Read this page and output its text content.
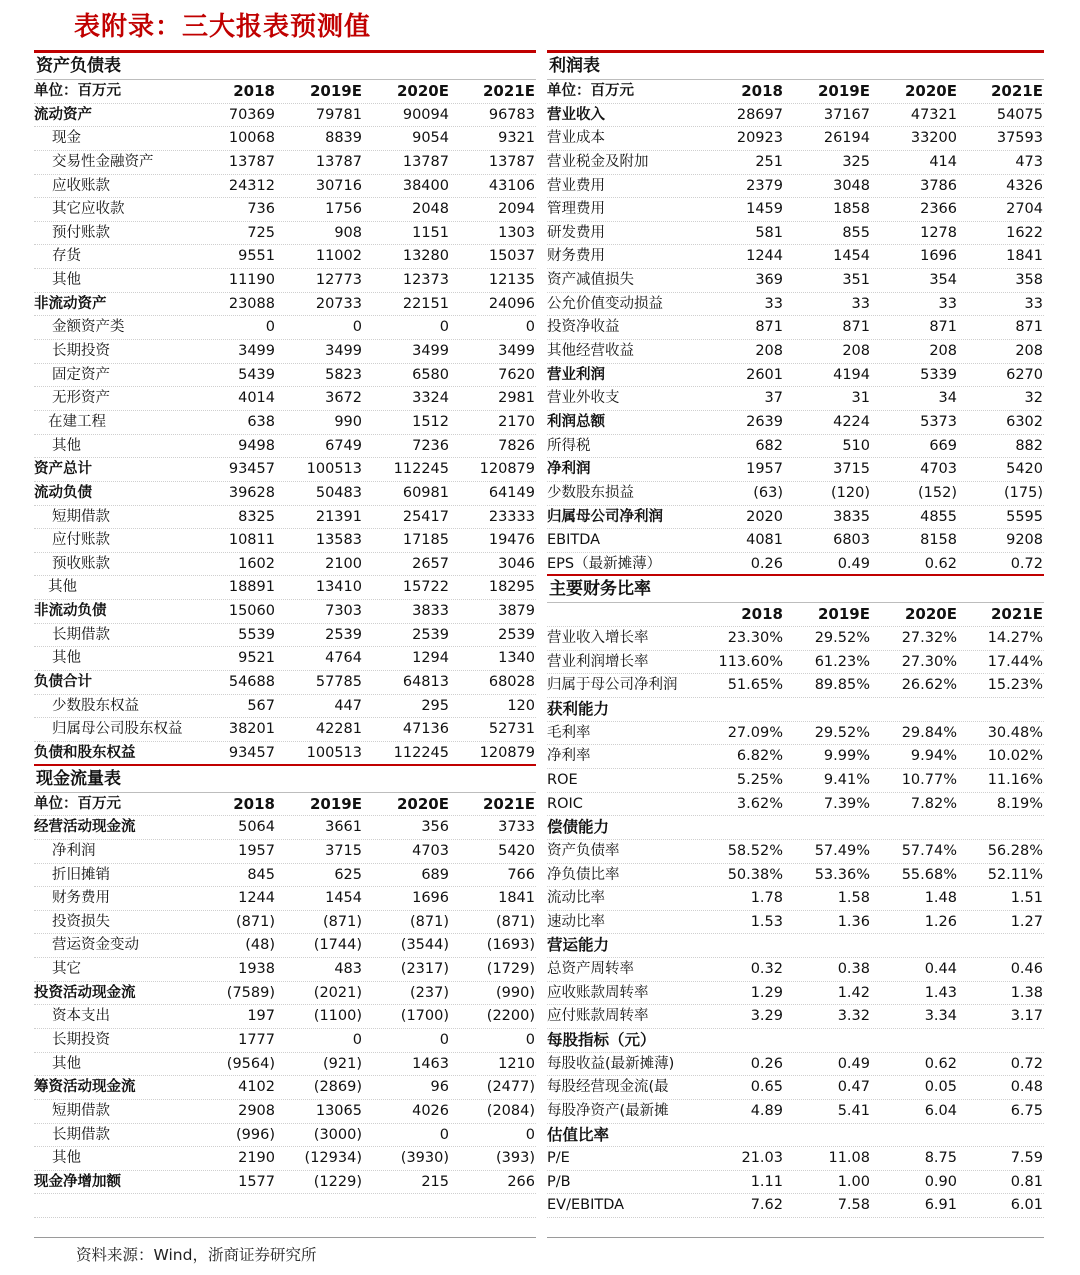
表附录：三大报表预测值
资产负债表
单位：百万元	2018	2019E	2020E	2021E
流动资产	70369	79781	90094	96783
现金	10068	8839	9054	9321
交易性金融资产	13787	13787	13787	13787
应收账款	24312	30716	38400	43106
其它应收款	736	1756	2048	2094
预付账款	725	908	1151	1303
存货	9551	11002	13280	15037
其他	11190	12773	12373	12135
非流动资产	23088	20733	22151	24096
金额资产类	0	0	0	0
长期投资	3499	3499	3499	3499
固定资产	5439	5823	6580	7620
无形资产	4014	3672	3324	2981
在建工程	638	990	1512	2170
其他	9498	6749	7236	7826
资产总计	93457	100513	112245	120879
流动负债	39628	50483	60981	64149
短期借款	8325	21391	25417	23333
应付账款	10811	13583	17185	19476
预收账款	1602	2100	2657	3046
其他	18891	13410	15722	18295
非流动负债	15060	7303	3833	3879
长期借款	5539	2539	2539	2539
其他	9521	4764	1294	1340
负债合计	54688	57785	64813	68028
少数股东权益	567	447	295	120
归属母公司股东权益	38201	42281	47136	52731
负债和股东权益	93457	100513	112245	120879
现金流量表
单位：百万元	2018	2019E	2020E	2021E
经营活动现金流	5064	3661	356	3733
净利润	1957	3715	4703	5420
折旧摊销	845	625	689	766
财务费用	1244	1454	1696	1841
投资损失	(871)	(871)	(871)	(871)
营运资金变动	(48)	(1744)	(3544)	(1693)
其它	1938	483	(2317)	(1729)
投资活动现金流	(7589)	(2021)	(237)	(990)
资本支出	197	(1100)	(1700)	(2200)
长期投资	1777	0	0	0
其他	(9564)	(921)	1463	1210
筹资活动现金流	4102	(2869)	96	(2477)
短期借款	2908	13065	4026	(2084)
长期借款	(996)	(3000)	0	0
其他	2190	(12934)	(3930)	(393)
现金净增加额	1577	(1229)	215	266
利润表
单位：百万元	2018	2019E	2020E	2021E
营业收入	28697	37167	47321	54075
营业成本	20923	26194	33200	37593
营业税金及附加	251	325	414	473
营业费用	2379	3048	3786	4326
管理费用	1459	1858	2366	2704
研发费用	581	855	1278	1622
财务费用	1244	1454	1696	1841
资产减值损失	369	351	354	358
公允价值变动损益	33	33	33	33
投资净收益	871	871	871	871
其他经营收益	208	208	208	208
营业利润	2601	4194	5339	6270
营业外收支	37	31	34	32
利润总额	2639	4224	5373	6302
所得税	682	510	669	882
净利润	1957	3715	4703	5420
少数股东损益	(63)	(120)	(152)	(175)
归属母公司净利润	2020	3835	4855	5595
EBITDA	4081	6803	8158	9208
EPS（最新摊薄）	0.26	0.49	0.62	0.72
主要财务比率
2018	2019E	2020E	2021E
营业收入增长率	23.30%	29.52%	27.32%	14.27%
营业利润增长率	113.60%	61.23%	27.30%	17.44%
归属于母公司净利润	51.65%	89.85%	26.62%	15.23%
获利能力
毛利率	27.09%	29.52%	29.84%	30.48%
净利率	6.82%	9.99%	9.94%	10.02%
ROE	5.25%	9.41%	10.77%	11.16%
ROIC	3.62%	7.39%	7.82%	8.19%
偿债能力
资产负债率	58.52%	57.49%	57.74%	56.28%
净负债比率	50.38%	53.36%	55.68%	52.11%
流动比率	1.78	1.58	1.48	1.51
速动比率	1.53	1.36	1.26	1.27
营运能力
总资产周转率	0.32	0.38	0.44	0.46
应收账款周转率	1.29	1.42	1.43	1.38
应付账款周转率	3.29	3.32	3.34	3.17
每股指标（元）
每股收益(最新摊薄)	0.26	0.49	0.62	0.72
每股经营现金流(最	0.65	0.47	0.05	0.48
每股净资产(最新摊	4.89	5.41	6.04	6.75
估值比率
P/E	21.03	11.08	8.75	7.59
P/B	1.11	1.00	0.90	0.81
EV/EBITDA	7.62	7.58	6.91	6.01
资料来源：Wind，浙商证券研究所
